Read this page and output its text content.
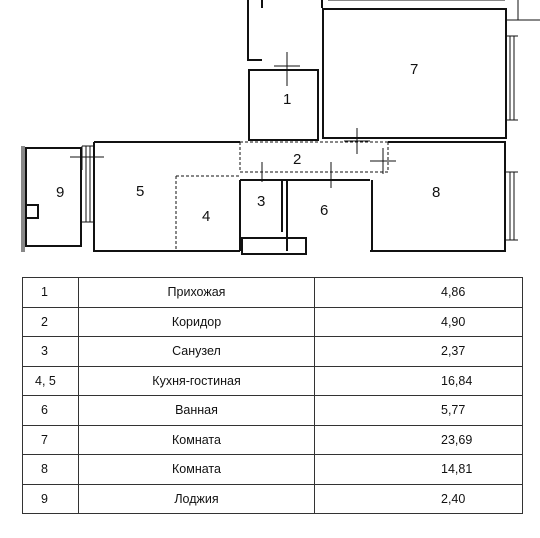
1
2
3
4
5
6
7
8
9
1	Прихожая	4,86
2	Коридор	4,90
3	Санузел	2,37
4, 5	Кухня-гостиная	16,84
6	Ванная	5,77
7	Комната	23,69
8	Комната	14,81
9	Лоджия	2,40
